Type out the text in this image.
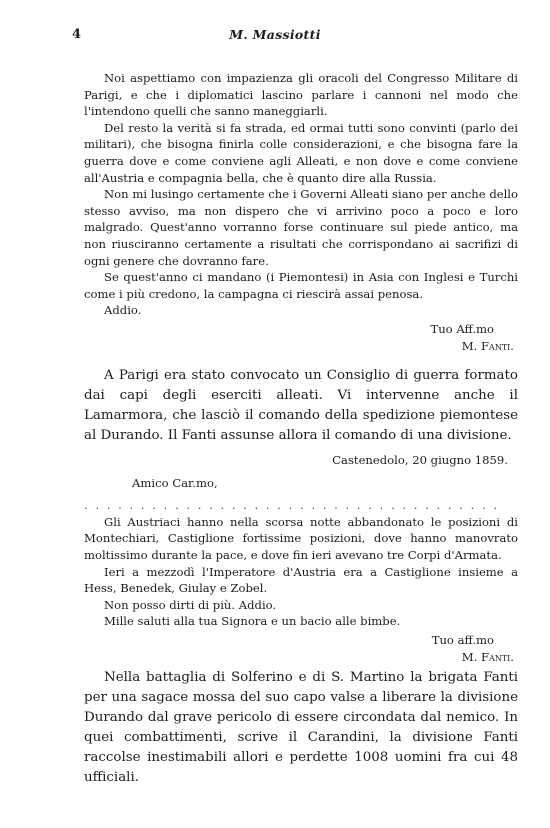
4	M. Massiotti

Noi aspettiamo con impazienza gli oracoli del Congresso Militare di Parigi, e che i diplomatici lascino parlare i cannoni nel modo che l'intendono quelli che sanno maneggiarli.

Del resto la verità si fa strada, ed ormai tutti sono convinti (parlo dei militari), che bisogna finirla colle considerazioni, e che bisogna fare la guerra dove e come conviene agli Alleati, e non dove e come conviene all'Austria e compagnia bella, che è quanto dire alla Russia.

Non mi lusingo certamente che i Governi Alleati siano per anche dello stesso avviso, ma non dispero che vi arrivino poco a poco e loro malgrado. Quest'anno vorranno forse continuare sul piede antico, ma non riusciranno certamente a risultati che corrispondano ai sacrifizi di ogni genere che dovranno fare.

Se quest'anno ci mandano (i Piemontesi) in Asia con Inglesi e Turchi come i più credono, la campagna ci riescirà assai penosa.

Addio.

Tuo Aff.mo

M. Fanti.

A Parigi era stato convocato un Consiglio di guerra formato dai capi degli eserciti alleati. Vi intervenne anche il Lamarmora, che lasciò il comando della spedizione piemontese al Durando. Il Fanti assunse allora il comando di una divisione.

Castenedolo, 20 giugno 1859.

Amico Car.mo,

. . . . . . . . . . . . . . . . . . . . . . . . . . . . . . . . . . . . .

Gli Austriaci hanno nella scorsa notte abbandonato le posizioni di Montechiari, Castiglione fortissime posizioni, dove hanno manovrato moltissimo durante la pace, e dove fin ieri avevano tre Corpi d'Armata.

Ieri a mezzodì l'Imperatore d'Austria era a Castiglione insieme a Hess, Benedek, Giulay e Zobel.

Non posso dirti di più. Addio.

Mille saluti alla tua Signora e un bacio alle bimbe.

Tuo aff.mo

M. Fanti.

Nella battaglia di Solferino e di S. Martino la brigata Fanti per una sagace mossa del suo capo valse a liberare la divisione Durando dal grave pericolo di essere circondata dal nemico. In quei combattimenti, scrive il Carandini, la divisione Fanti raccolse inestimabili allori e perdette 1008 uomini fra cui 48 ufficiali.
